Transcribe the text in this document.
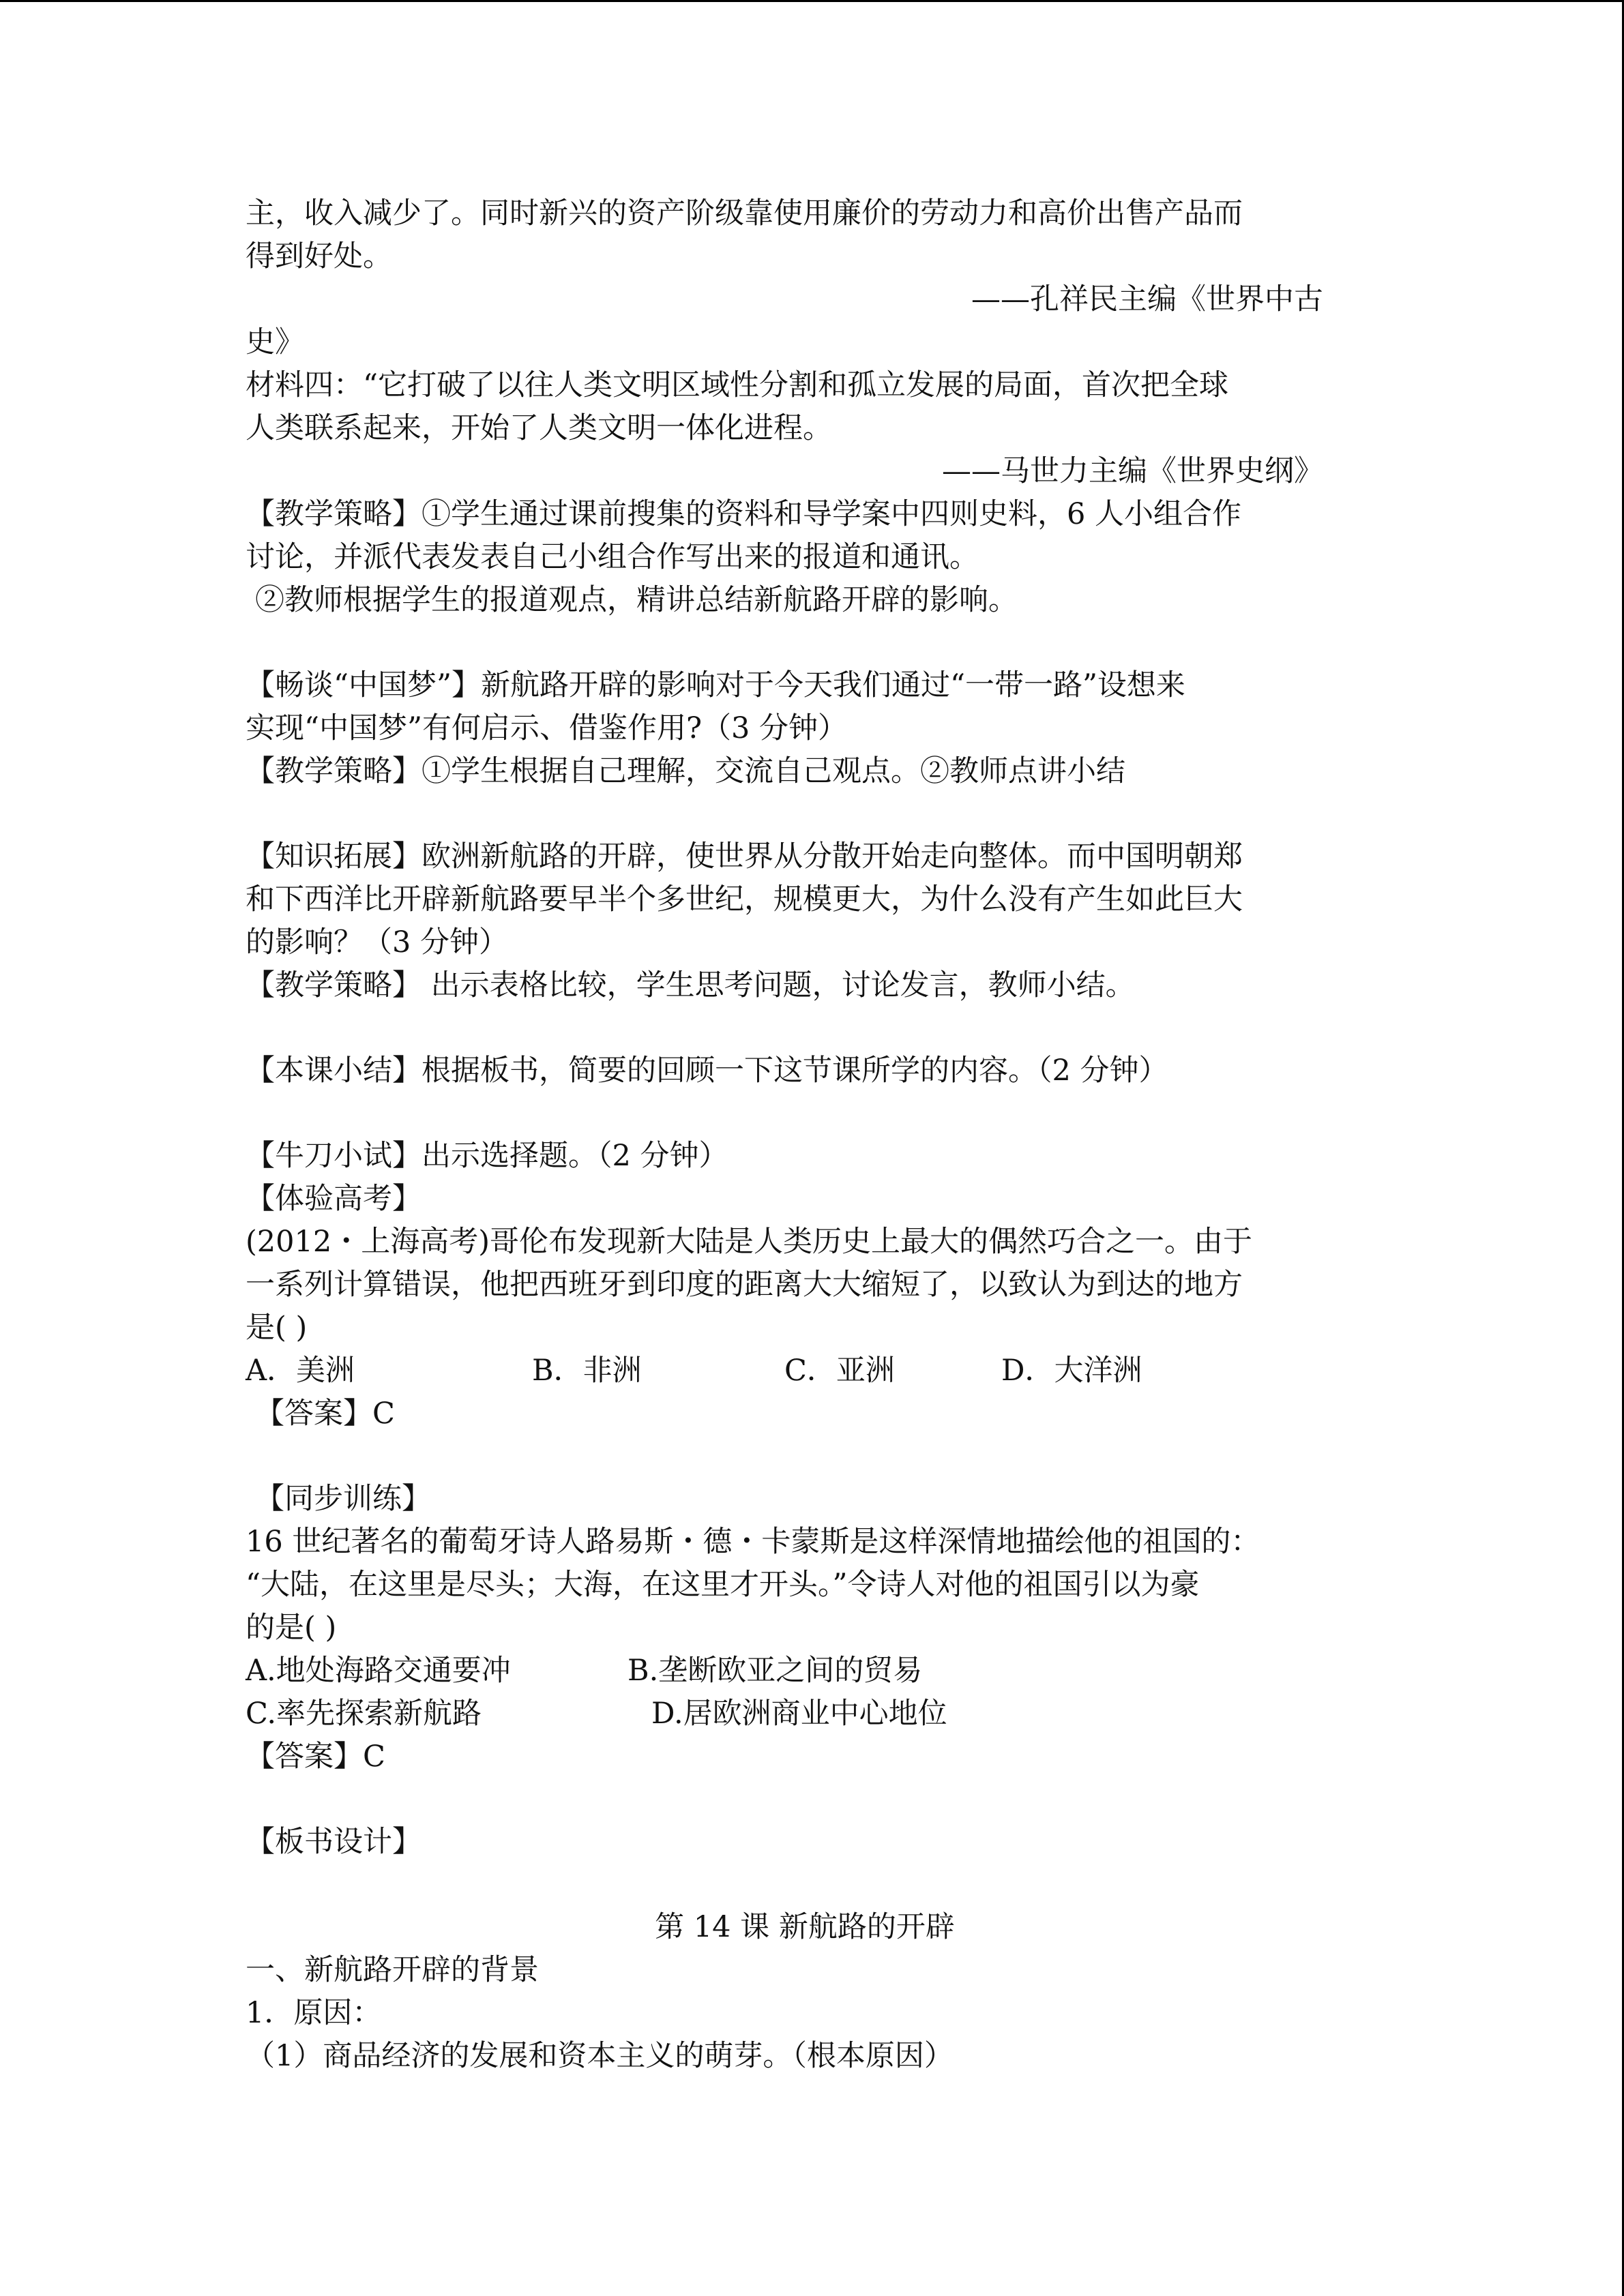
主，收入减少了。同时新兴的资产阶级靠使用廉价的劳动力和高价出售产品而

得到好处。

——孔祥民主编《世界中古

史》

材料四：“它打破了以往人类文明区域性分割和孤立发展的局面，首次把全球

人类联系起来，开始了人类文明一体化进程。

——马世力主编《世界史纲》

【教学策略】①学生通过课前搜集的资料和导学案中四则史料，6 人小组合作

讨论，并派代表发表自己小组合作写出来的报道和通讯。

②教师根据学生的报道观点，精讲总结新航路开辟的影响。

【畅谈“中国梦”】新航路开辟的影响对于今天我们通过“一带一路”设想来

实现“中国梦”有何启示、借鉴作用?（3 分钟）

【教学策略】①学生根据自己理解，交流自己观点。②教师点讲小结

【知识拓展】欧洲新航路的开辟，使世界从分散开始走向整体。而中国明朝郑

和下西洋比开辟新航路要早半个多世纪，规模更大，为什么没有产生如此巨大

的影响？（3 分钟）

【教学策略】 出示表格比较，学生思考问题，讨论发言，教师小结。

【本课小结】根据板书，简要的回顾一下这节课所学的内容。（2 分钟）

【牛刀小试】出示选择题。（2 分钟）

【体验高考】

(2012・上海高考)哥伦布发现新大陆是人类历史上最大的偶然巧合之一。由于

一系列计算错误，他把西班牙到印度的距离大大缩短了，以致认为到达的地方

是( )

A．美洲	B．非洲	C．亚洲	D．大洋洲

【答案】C

【同步训练】

16 世纪著名的葡萄牙诗人路易斯・德・卡蒙斯是这样深情地描绘他的祖国的：

“大陆，在这里是尽头；大海，在这里才开头。”令诗人对他的祖国引以为豪

的是( )

A.地处海路交通要冲	B.垄断欧亚之间的贸易
C.率先探索新航路	D.居欧洲商业中心地位

【答案】C

【板书设计】

第 14 课 新航路的开辟

一、新航路开辟的背景

1．原因：

（1）商品经济的发展和资本主义的萌芽。（根本原因）
